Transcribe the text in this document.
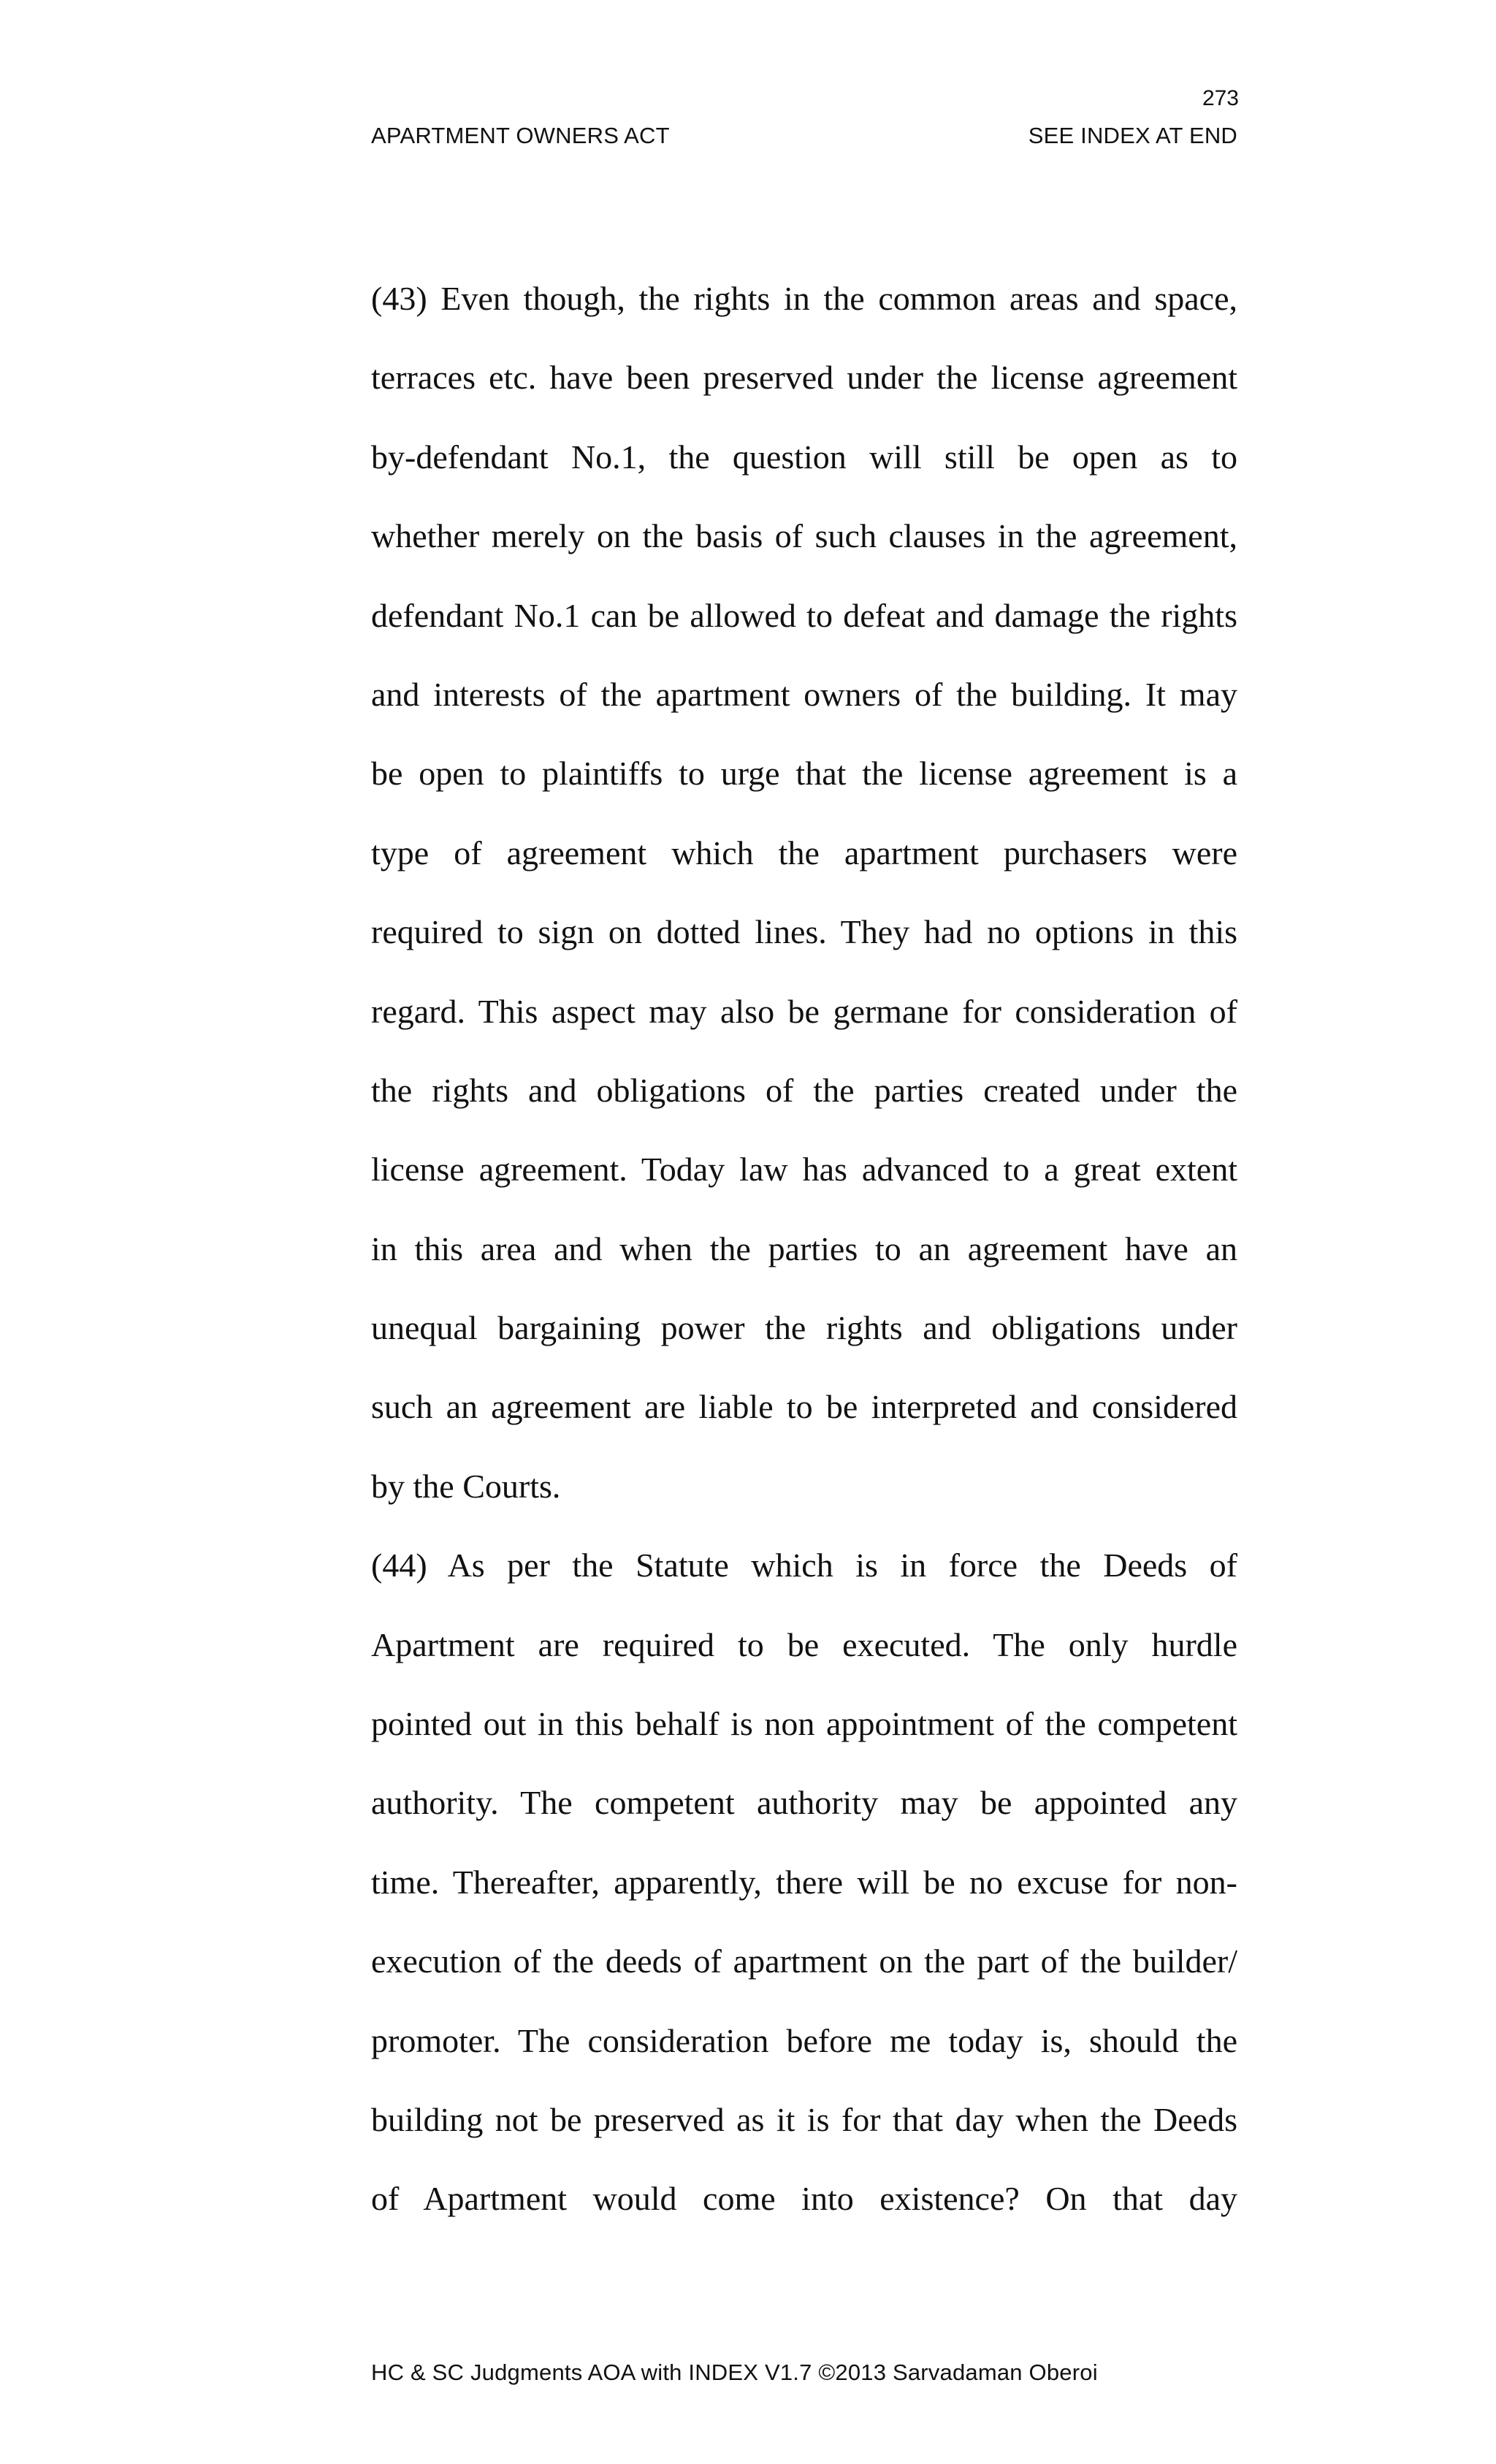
273
APARTMENT OWNERS ACT	SEE INDEX AT END
(43) Even though, the rights in the common areas and space,
terraces etc. have been preserved under the license agreement
by-defendant No.1, the question will still be open as to
whether merely on the basis of such clauses in the agreement,
defendant No.1 can be allowed to defeat and damage the rights
and interests of the apartment owners of the building. It may
be open to plaintiffs to urge that the license agreement is a
type of agreement which the apartment purchasers were
required to sign on dotted lines. They had no options in this
regard. This aspect may also be germane for consideration of
the rights and obligations of the parties created under the
license agreement. Today law has advanced to a great extent
in this area and when the parties to an agreement have an
unequal bargaining power the rights and obligations under
such an agreement are liable to be interpreted and considered
by the Courts.
(44) As per the Statute which is in force the Deeds of
Apartment are required to be executed. The only hurdle
pointed out in this behalf is non appointment of the competent
authority. The competent authority may be appointed any
time. Thereafter, apparently, there will be no excuse for non-
execution of the deeds of apartment on the part of the builder/
promoter. The consideration before me today is, should the
building not be preserved as it is for that day when the Deeds
of Apartment would come into existence? On that day
HC & SC Judgments AOA with INDEX V1.7 ©2013 Sarvadaman Oberoi
